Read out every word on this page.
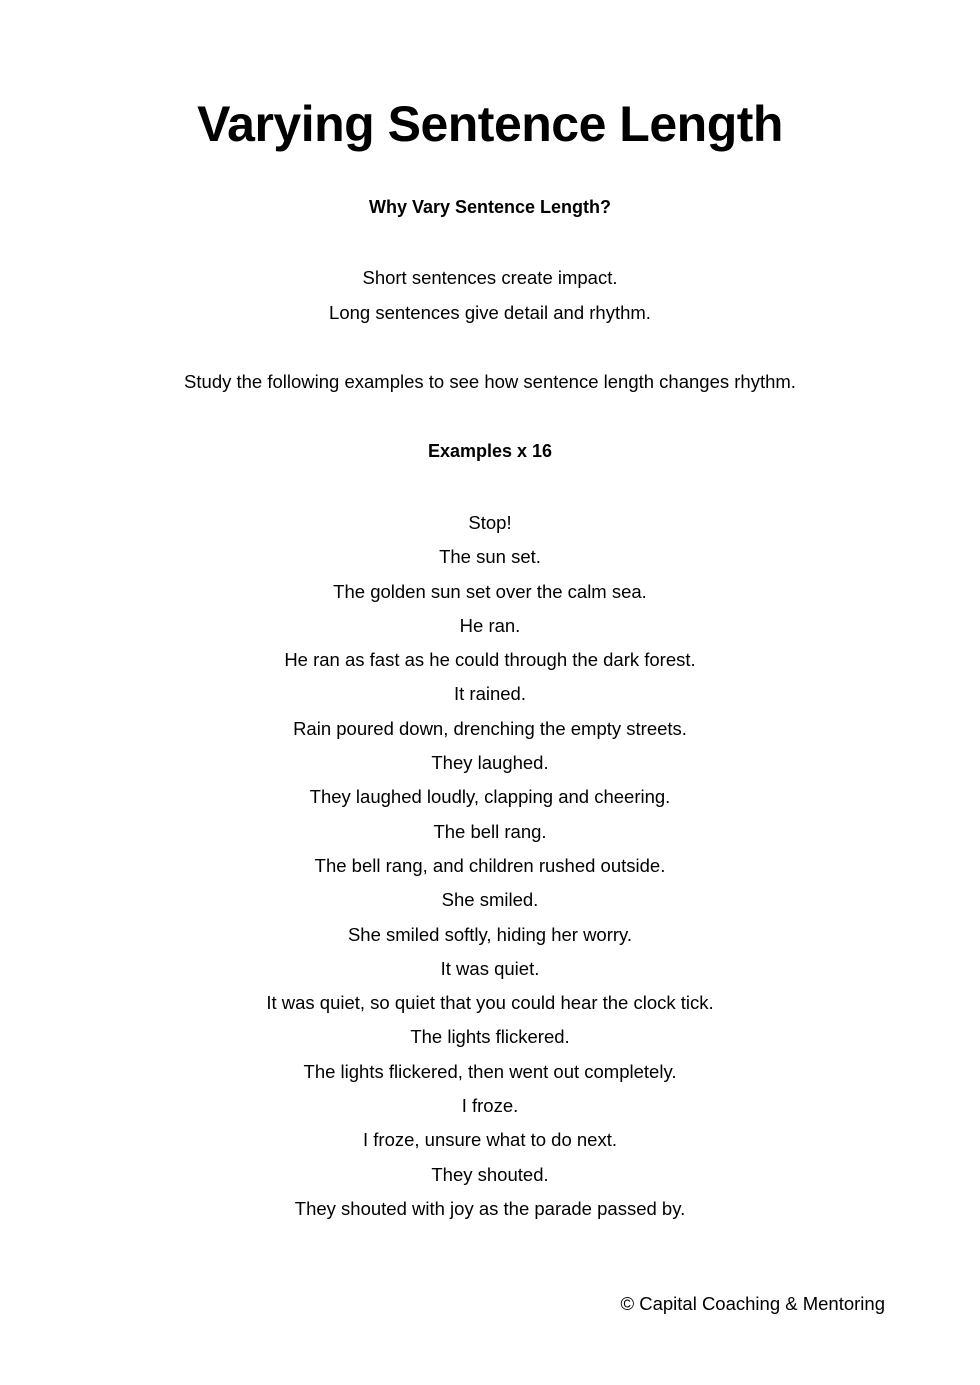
Varying Sentence Length
Why Vary Sentence Length?
Short sentences create impact.
Long sentences give detail and rhythm.
Study the following examples to see how sentence length changes rhythm.
Examples x 16
Stop!
The sun set.
The golden sun set over the calm sea.
He ran.
He ran as fast as he could through the dark forest.
It rained.
Rain poured down, drenching the empty streets.
They laughed.
They laughed loudly, clapping and cheering.
The bell rang.
The bell rang, and children rushed outside.
She smiled.
She smiled softly, hiding her worry.
It was quiet.
It was quiet, so quiet that you could hear the clock tick.
The lights flickered.
The lights flickered, then went out completely.
I froze.
I froze, unsure what to do next.
They shouted.
They shouted with joy as the parade passed by.
© Capital Coaching & Mentoring
